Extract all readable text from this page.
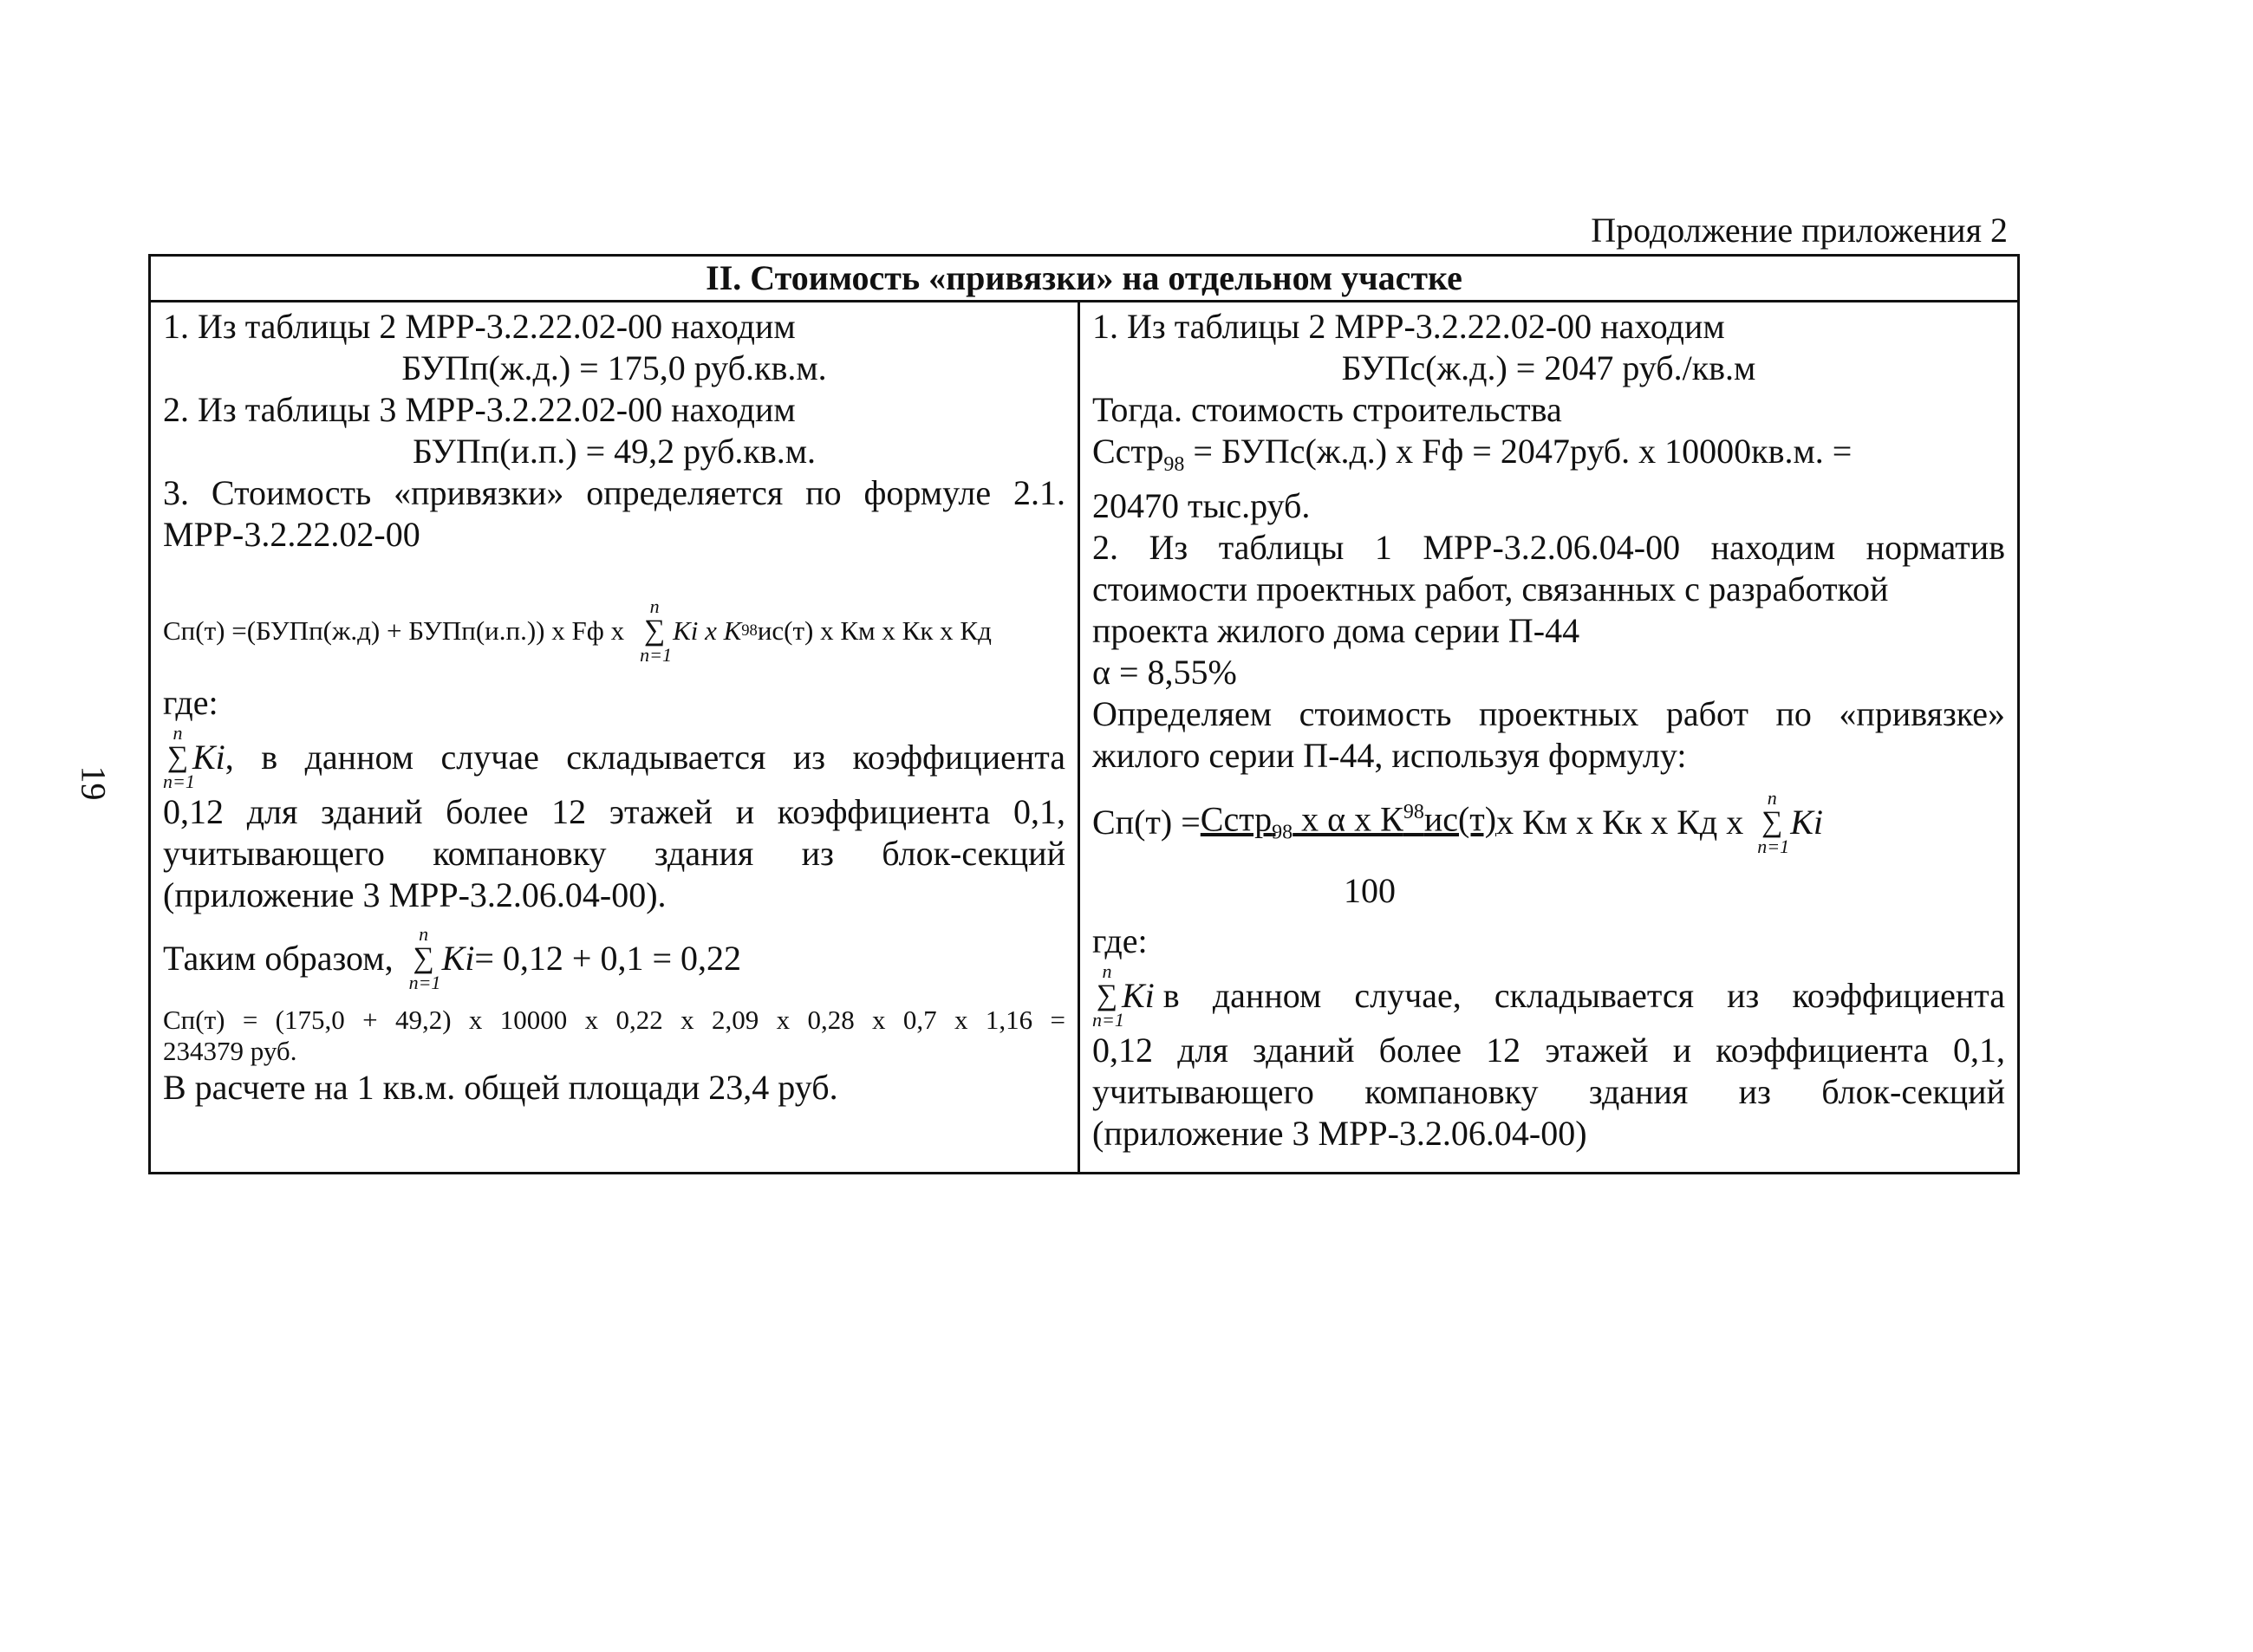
19
Продолжение приложения 2
II. Стоимость «привязки» на отдельном участке
1. Из таблицы 2 МРР-3.2.22.02-00 находим
БУПп(ж.д.) = 175,0 руб.кв.м.
2. Из таблицы 3 МРР-3.2.22.02-00 находим
БУПп(и.п.) = 49,2 руб.кв.м.
3. Стоимость «привязки» определяется по формуле 2.1.
МРР-3.2.22.02-00
Сп(т) =(БУПп(ж.д) + БУПп(и.п.)) х Fф х
n
∑
n=1
Ki х К 98 ис(т) х Км х Кк х Кд
где:
n
∑
n=1
Ki , в данном случае складывается из коэффициента
0,12 для зданий более 12 этажей и коэффициента 0,1,
учитывающего компановку здания из блок-секций
(приложение 3 МРР-3.2.06.04-00).
Таким образом,
n
∑
n=1
Ki = 0,12 + 0,1 = 0,22
Сп(т) = (175,0 + 49,2) х 10000 х 0,22 х 2,09 х 0,28 х 0,7 х 1,16 =
234379 руб.
В расчете на 1 кв.м. общей площади 23,4 руб.
1. Из таблицы 2 МРР-3.2.22.02-00 находим
БУПс(ж.д.) = 2047 руб./кв.м
Тогда. стоимость строительства
Cстр$_{98}$ = БУПс(ж.д.) х Fф = 2047руб. х 10000кв.м. =
20470 тыс.руб.
2. Из таблицы 1 МРР-3.2.06.04-00 находим норматив
стоимости проектных работ, связанных с разработкой
проекта жилого дома серии П-44
α = 8,55%
Определяем стоимость проектных работ по «привязке»
жилого серии П-44, используя формулу:
Сп(т) = Cстр$_{98}$ х α х $К^{98}ис(т)$ х Км х Кк х Кд х
n
∑
n=1
Ki
100
где:
n
∑
n=1
Ki в данном случае, складывается из коэффициента
0,12 для зданий более 12 этажей и коэффициента 0,1,
учитывающего компановку здания из блок-секций
(приложение 3 МРР-3.2.06.04-00)
